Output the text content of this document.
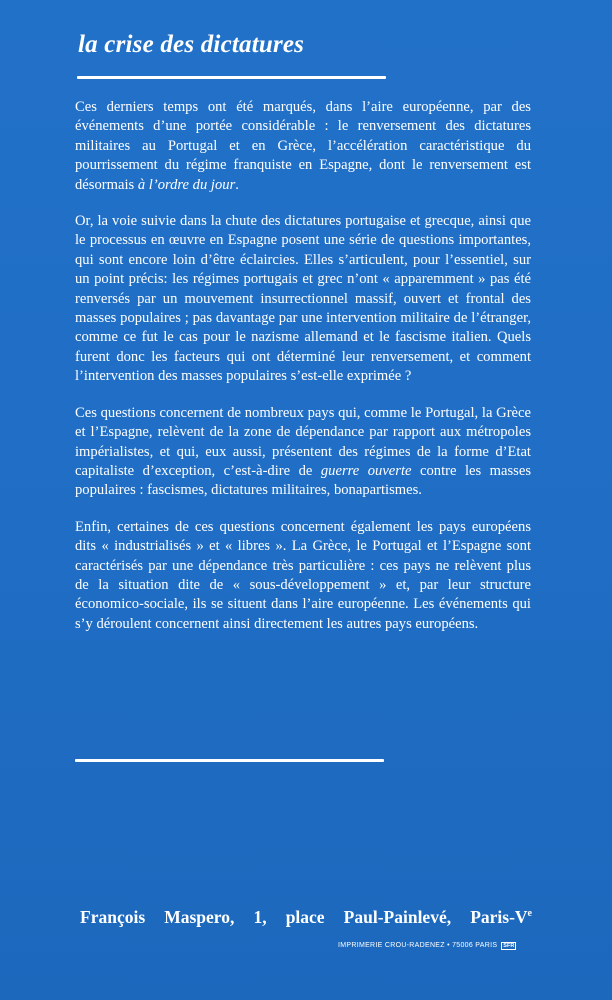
la crise des dictatures

Ces derniers temps ont été marqués, dans l’aire européenne, par des événements d’une portée considérable : le renversement des dictatures militaires au Portugal et en Grèce, l’accélération caractéristique du pourrissement du régime franquiste en Espagne, dont le renversement est désormais à l’ordre du jour.

Or, la voie suivie dans la chute des dictatures portugaise et grecque, ainsi que le processus en œuvre en Espagne posent une série de questions importantes, qui sont encore loin d’être éclaircies. Elles s’articulent, pour l’essentiel, sur un point précis: les régimes portugais et grec n’ont « apparemment » pas été renversés par un mouvement insurrectionnel massif, ouvert et frontal des masses populaires ; pas davantage par une intervention militaire de l’étranger, comme ce fut le cas pour le nazisme allemand et le fascisme italien. Quels furent donc les facteurs qui ont déterminé leur renversement, et comment l’intervention des masses populaires s’est-elle exprimée ?

Ces questions concernent de nombreux pays qui, comme le Portugal, la Grèce et l’Espagne, relèvent de la zone de dépendance par rapport aux métropoles impérialistes, et qui, eux aussi, présentent des régimes de la forme d’Etat capitaliste d’exception, c’est-à-dire de guerre ouverte contre les masses populaires : fascismes, dictatures militaires, bonapartismes.

Enfin, certaines de ces questions concernent également les pays européens dits « industrialisés » et « libres ». La Grèce, le Portugal et l’Espagne sont caractérisés par une dépendance très particulière : ces pays ne relèvent plus de la situation dite de « sous-développement » et, par leur structure économico-sociale, ils se situent dans l’aire européenne. Les événements qui s’y déroulent concernent ainsi directement les autres pays européens.

François Maspero, 1, place Paul-Painlevé, Paris-Ve
IMPRIMERIE CROU-RADENEZ • 75006 PARIS	SFR
